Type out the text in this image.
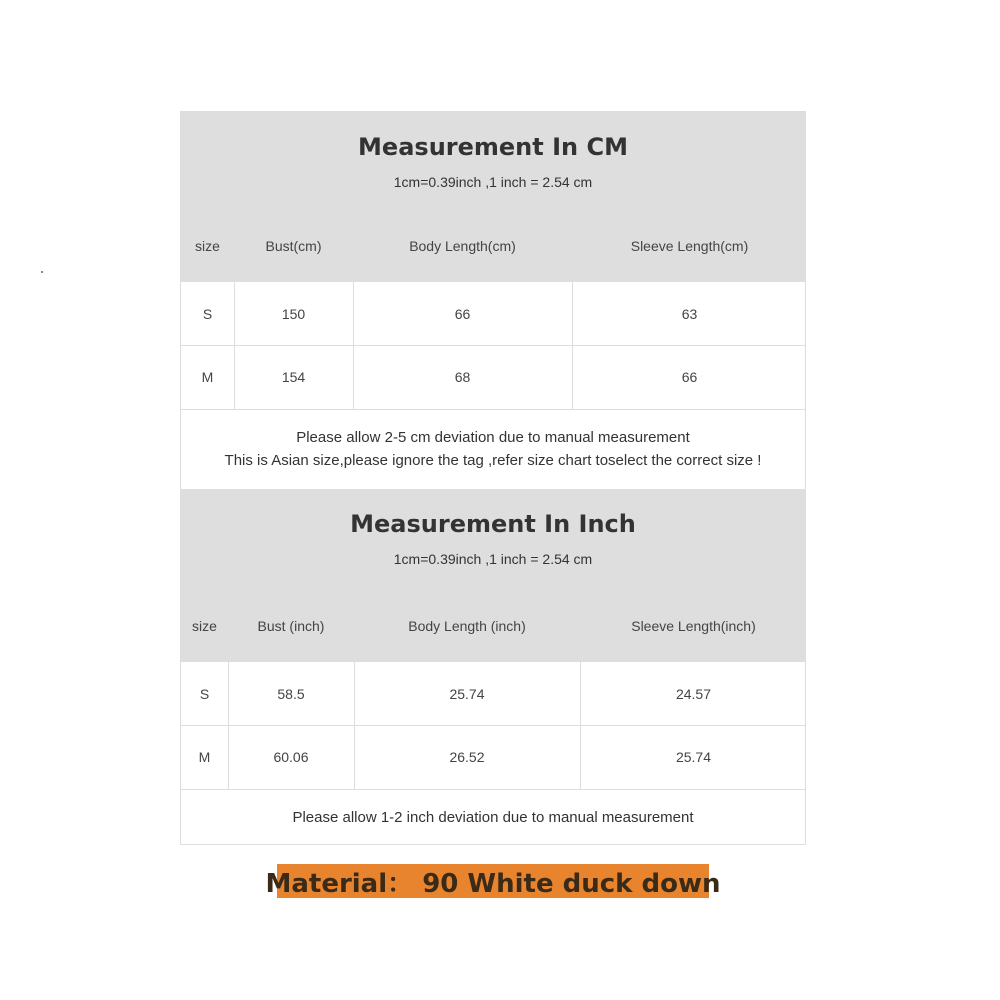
Measurement In CM
1cm=0.39inch ,1 inch = 2.54 cm
size	Bust(cm)	Body Length(cm)	Sleeve Length(cm)
S	150	66	63
M	154	68	66
Please allow 2-5 cm deviation due to manual measurement
This is Asian size,please ignore the tag ,refer size chart toselect the correct size !
Measurement In Inch
1cm=0.39inch ,1 inch = 2.54 cm
size	Bust (inch)	Body Length (inch)	Sleeve Length(inch)
S	58.5	25.74	24.57
M	60.06	26.52	25.74
Please allow 1-2 inch deviation due to manual measurement
Material： 90 White duck down
